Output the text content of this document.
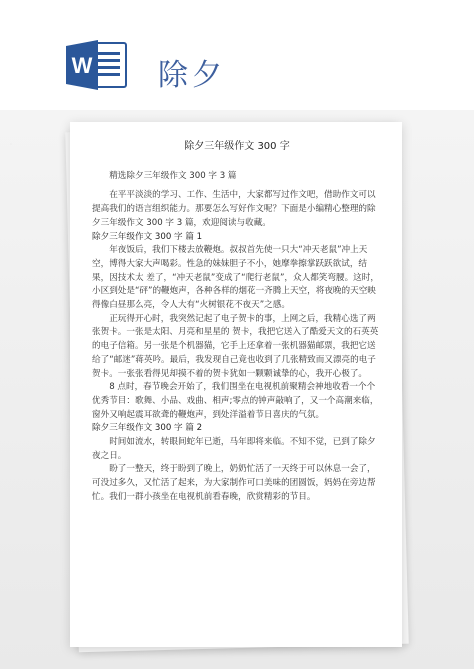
W 除夕
除夕三年级作文 300 字

精选除夕三年级作文 300 字 3 篇

在平平淡淡的学习、工作、生活中，大家都写过作文吧，借助作文可以提高我们的语言组织能力。那要怎么写好作文呢？下面是小编精心整理的除夕三年级作文 300 字 3 篇，欢迎阅读与收藏。

除夕三年级作文 300 字 篇 1

年夜饭后，我们下楼去放鞭炮。叔叔首先使一只大“冲天老鼠”冲上天空，博得大家大声喝彩。性急的妹妹胆子不小，她摩拳擦掌跃跃欲试，结果，因技术太 差了，“冲天老鼠”变成了“爬行老鼠”，众人都笑弯腰。这时，小区到处是“砰”的鞭炮声，各种各样的烟花一齐腾上天空，将夜晚的天空映得像白昼那么亮，令人大有“火树银花不夜天”之感。

正玩得开心时，我突然记起了电子贺卡的事，上网之后，我精心选了两张贺卡。一张是太阳、月亮和星星的 贺卡，我把它送入了酷爱天文的石英英的电子信箱。另一张是个机器猫，它手上还拿着一张机器猫邮票，我把它送给了“邮迷”蒋英吟。最后，我发现自己竟也收到了几张精致而又漂亮的电子贺卡。一张张看得见却摸不着的贺卡犹如一颗颗诚挚的心，我开心极了。

8 点时，春节晚会开始了，我们围坐在电视机前聚精会神地收看一个个优秀节目：歌舞、小品、戏曲、相声;零点的钟声敲响了，又一个高潮来临，窗外又响起震耳欲聋的鞭炮声，到处洋溢着节日喜庆的气氛。

除夕三年级作文 300 字 篇 2

时间如流水，转眼间蛇年已逝，马年即将来临。不知不觉，已到了除夕夜之日。

盼了一整天，终于盼到了晚上，奶奶忙活了一天终于可以休息一会了，可没过多久，又忙活了起来，为大家制作可口美味的团圆饭，妈妈在旁边帮忙。我们一群小孩坐在电视机前看春晚，欣赏精彩的节目。
